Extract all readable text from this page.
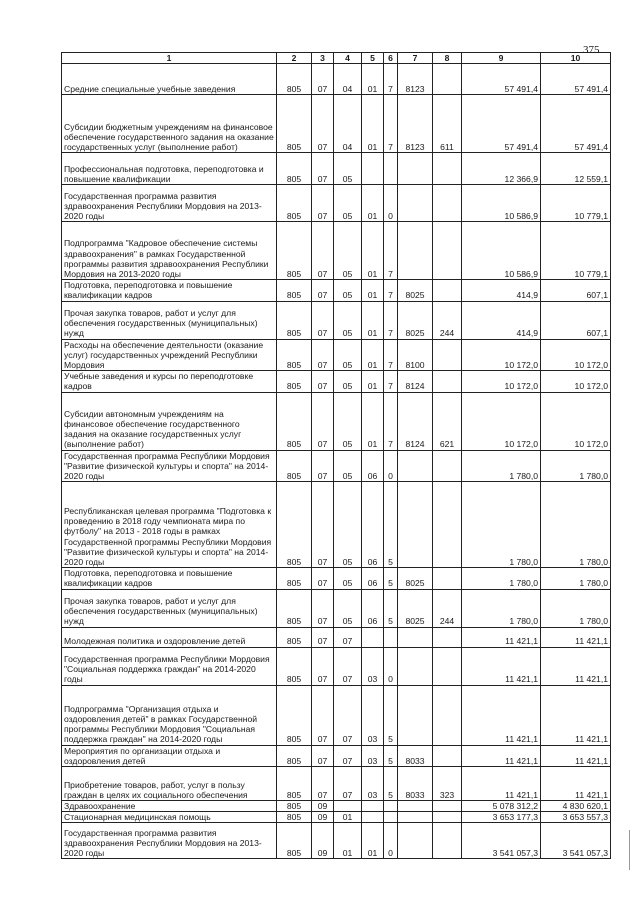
375
1	2	3	4	5	6	7	8	9	10
Средние специальные учебные заведения	805	07	04	01	7	8123		57 491,4	57 491,4
Субсидии бюджетным учреждениям на финансовое обеспечение государственного задания на оказание государственных услуг (выполнение работ)	805	07	04	01	7	8123	611	57 491,4	57 491,4
Профессиональная подготовка, переподготовка и повышение квалификации	805	07	05					12 366,9	12 559,1
Государственная программа развития здравоохранения Республики Мордовия на 2013-2020 годы	805	07	05	01	0			10 586,9	10 779,1
Подпрограмма "Кадровое обеспечение системы здравоохранения" в рамках Государственной программы развития здравоохранения Республики Мордовия на 2013-2020 годы	805	07	05	01	7			10 586,9	10 779,1
Подготовка, переподготовка и повышение квалификации кадров	805	07	05	01	7	8025		414,9	607,1
Прочая закупка товаров, работ и услуг для обеспечения государственных (муниципальных) нужд	805	07	05	01	7	8025	244	414,9	607,1
Расходы на обеспечение деятельности (оказание услуг) государственных учреждений Республики Мордовия	805	07	05	01	7	8100		10 172,0	10 172,0
Учебные заведения и курсы по переподготовке кадров	805	07	05	01	7	8124		10 172,0	10 172,0
Субсидии автономным учреждениям на финансовое обеспечение государственного задания на оказание государственных услуг (выполнение работ)	805	07	05	01	7	8124	621	10 172,0	10 172,0
Государственная программа Республики Мордовия "Развитие физической культуры и спорта" на 2014-2020 годы	805	07	05	06	0			1 780,0	1 780,0
Республиканская целевая программа "Подготовка к проведению в 2018 году чемпионата мира по футболу" на 2013 - 2018 годы в рамках Государственной программы Республики Мордовия "Развитие физической культуры и спорта" на 2014-2020 годы	805	07	05	06	5			1 780,0	1 780,0
Подготовка, переподготовка и повышение квалификации кадров	805	07	05	06	5	8025		1 780,0	1 780,0
Прочая закупка товаров, работ и услуг для обеспечения государственных (муниципальных) нужд	805	07	05	06	5	8025	244	1 780,0	1 780,0
Молодежная политика и оздоровление детей	805	07	07					11 421,1	11 421,1
Государственная программа Республики Мордовия "Социальная поддержка граждан" на 2014-2020 годы	805	07	07	03	0			11 421,1	11 421,1
Подпрограмма "Организация отдыха и оздоровления детей" в рамках Государственной программы Республики Мордовия "Социальная поддержка граждан" на 2014-2020 годы	805	07	07	03	5			11 421,1	11 421,1
Мероприятия по организации отдыха и оздоровления детей	805	07	07	03	5	8033		11 421,1	11 421,1
Приобретение товаров, работ, услуг в пользу граждан в целях их социального обеспечения	805	07	07	03	5	8033	323	11 421,1	11 421,1
Здравоохранение	805	09						5 078 312,2	4 830 620,1
Стационарная медицинская помощь	805	09	01					3 653 177,3	3 653 557,3
Государственная программа развития здравоохранения Республики Мордовия на 2013-2020 годы	805	09	01	01	0			3 541 057,3	3 541 057,3
